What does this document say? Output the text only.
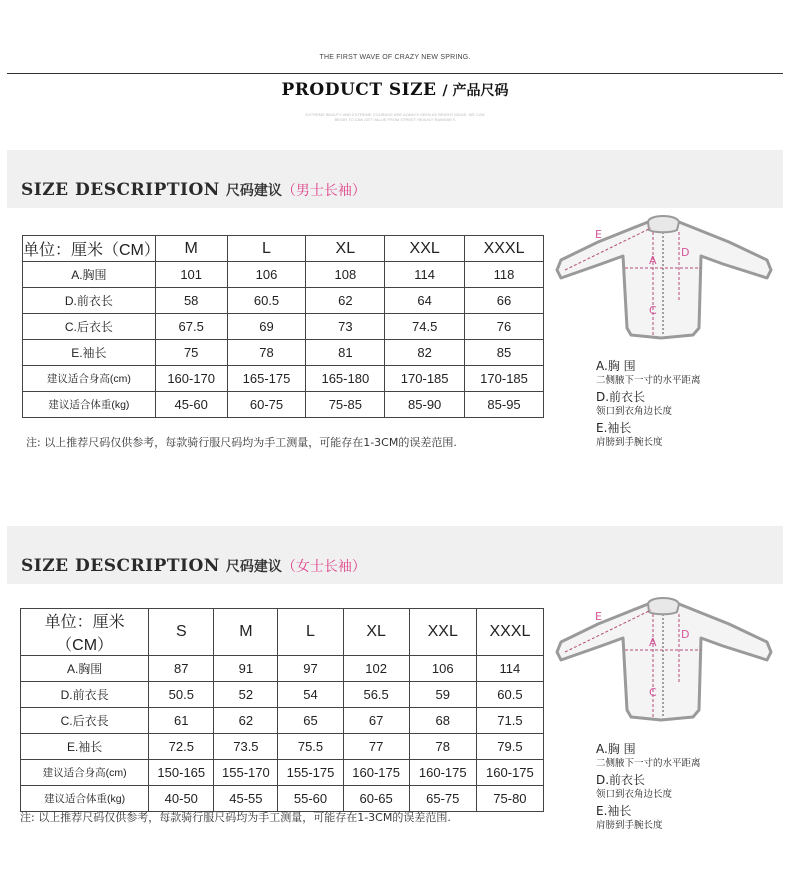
THE FIRST WAVE OF CRAZY NEW SPRING.
PRODUCT SIZE / 产品尺码
EXTREME BEAUTY AND EXTREME COURAGE ARE ALWAYS SEEN AS BRIGHT IDEAS. WE CAN
BEGIN TO CAN GET VALUE FROM STREET HEAVILY RAINWAYS
SIZE DESCRIPTION 尺码建议（男士长袖）
单位：厘米（CM）	M	L	XL	XXL	XXXL
A.胸围	101	106	108	114	118
D.前衣长	58	60.5	62	64	66
C.后衣长	67.5	69	73	74.5	76
E.袖长	75	78	81	82	85
建议适合身高(cm)	160-170	165-175	165-180	170-185	170-185
建议适合体重(kg)	45-60	60-75	75-85	85-90	85-95
注: 以上推荐尺码仅供参考，每款骑行服尺码均为手工测量，可能存在1-3CM的误差范围.
E
A
D
C
A.胸 围
二侧腋下一寸的水平距离
D.前衣长
领口到衣角边长度
E.袖长
肩膀到手腕长度
SIZE DESCRIPTION 尺码建议（女士长袖）
单位：厘米（CM）	S	M	L	XL	XXL	XXXL
A.胸围	87	91	97	102	106	114
D.前衣長	50.5	52	54	56.5	59	60.5
C.后衣長	61	62	65	67	68	71.5
E.袖长	72.5	73.5	75.5	77	78	79.5
建议适合身高(cm)	150-165	155-170	155-175	160-175	160-175	160-175
建议适合体重(kg)	40-50	45-55	55-60	60-65	65-75	75-80
注: 以上推荐尺码仅供参考，每款骑行服尺码均为手工测量，可能存在1-3CM的误差范围.
E
A
D
C
A.胸 围
二侧腋下一寸的水平距离
D.前衣长
领口到衣角边长度
E.袖长
肩膀到手腕长度
